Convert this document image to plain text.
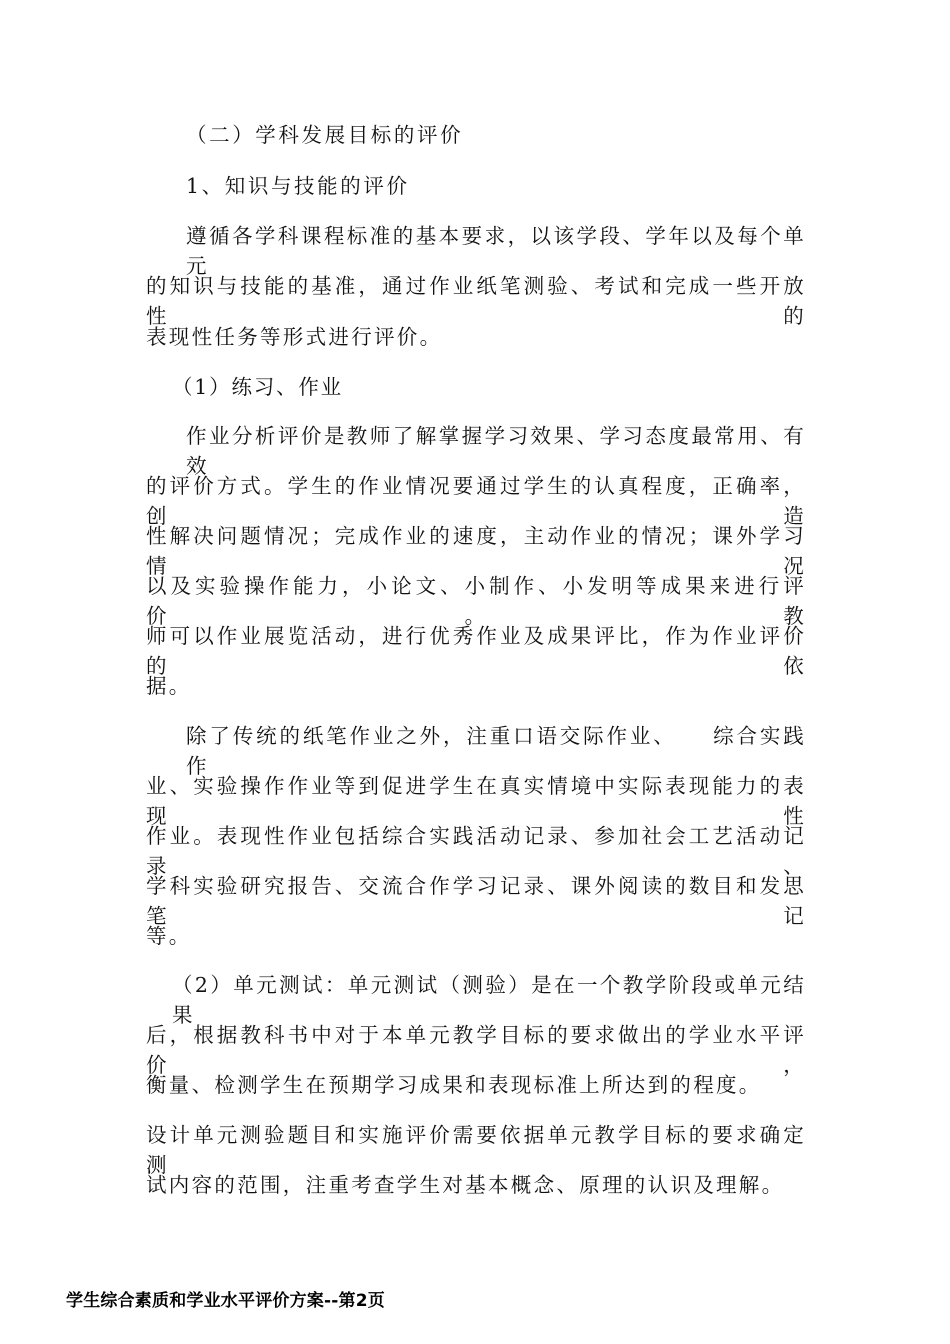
（二）学科发展目标的评价
1、知识与技能的评价
遵循各学科课程标准的基本要求，以该学段、学年以及每个单元
的知识与技能的基准，通过作业纸笔测验、考试和完成一些开放性的
表现性任务等形式进行评价。
（1）练习、作业
作业分析评价是教师了解掌握学习效果、学习态度最常用、有效
的评价方式。学生的作业情况要通过学生的认真程度，正确率，创造
性解决问题情况；完成作业的速度，主动作业的情况；课外学习情况
以及实验操作能力，小论文、小制作、小发明等成果来进行评价。教
师可以作业展览活动，进行优秀作业及成果评比，作为作业评价的依
据。
除了传统的纸笔作业之外，注重口语交际作业、　　综合实践作
业、实验操作作业等到促进学生在真实情境中实际表现能力的表现性
作业。表现性作业包括综合实践活动记录、参加社会工艺活动记录、
学科实验研究报告、交流合作学习记录、课外阅读的数目和发思笔记
等。
（2）单元测试：单元测试（测验）是在一个教学阶段或单元结果
后，根据教科书中对于本单元教学目标的要求做出的学业水平评价，
衡量、检测学生在预期学习成果和表现标准上所达到的程度。
设计单元测验题目和实施评价需要依据单元教学目标的要求确定测
试内容的范围，注重考查学生对基本概念、原理的认识及理解。
学生综合素质和学业水平评价方案--第2页
